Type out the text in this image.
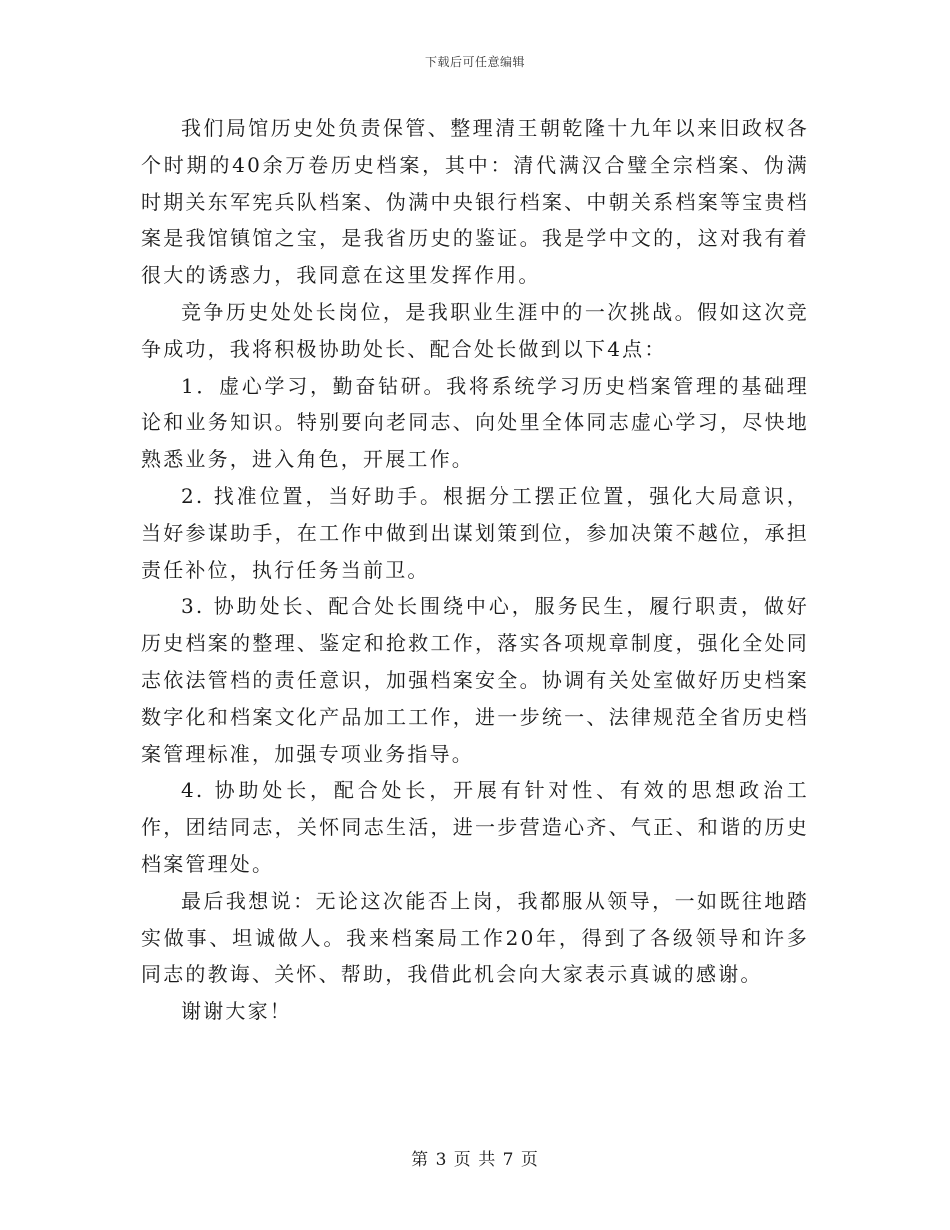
下载后可任意编辑

我们局馆历史处负责保管、整理清王朝乾隆十九年以来旧政权各个时期的40余万卷历史档案，其中：清代满汉合璧全宗档案、伪满时期关东军宪兵队档案、伪满中央银行档案、中朝关系档案等宝贵档案是我馆镇馆之宝，是我省历史的鉴证。我是学中文的，这对我有着很大的诱惑力，我同意在这里发挥作用。

竞争历史处处长岗位，是我职业生涯中的一次挑战。假如这次竞争成功，我将积极协助处长、配合处长做到以下4点：

1．虚心学习，勤奋钻研。我将系统学习历史档案管理的基础理论和业务知识。特别要向老同志、向处里全体同志虚心学习，尽快地熟悉业务，进入角色，开展工作。

2. 找准位置，当好助手。根据分工摆正位置，强化大局意识，当好参谋助手，在工作中做到出谋划策到位，参加决策不越位，承担责任补位，执行任务当前卫。

3. 协助处长、配合处长围绕中心，服务民生，履行职责，做好历史档案的整理、鉴定和抢救工作，落实各项规章制度，强化全处同志依法管档的责任意识，加强档案安全。协调有关处室做好历史档案数字化和档案文化产品加工工作，进一步统一、法律规范全省历史档案管理标准，加强专项业务指导。

4. 协助处长，配合处长，开展有针对性、有效的思想政治工作，团结同志，关怀同志生活，进一步营造心齐、气正、和谐的历史档案管理处。

最后我想说：无论这次能否上岗，我都服从领导，一如既往地踏实做事、坦诚做人。我来档案局工作20年，得到了各级领导和许多同志的教诲、关怀、帮助，我借此机会向大家表示真诚的感谢。

谢谢大家！

第 3 页 共 7 页
